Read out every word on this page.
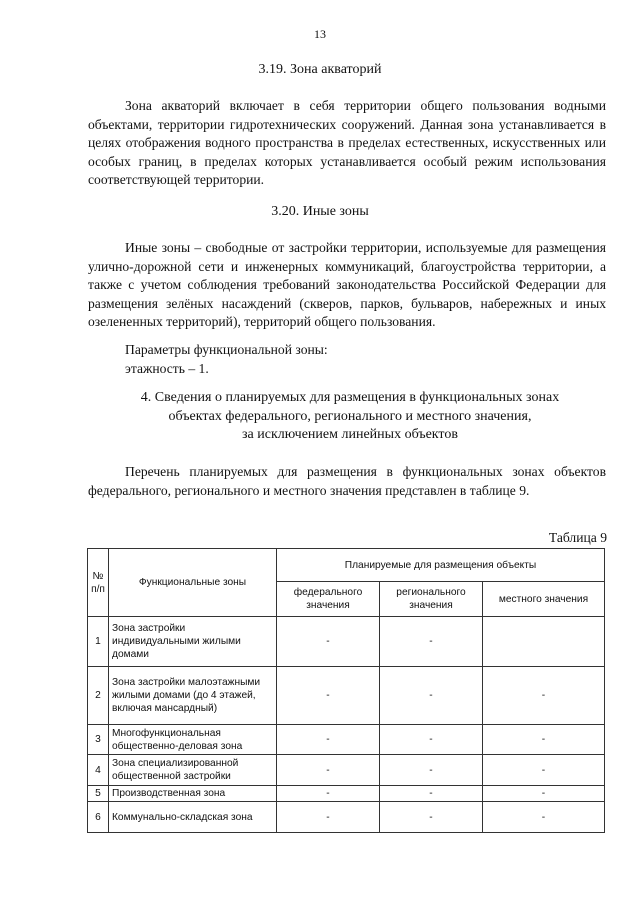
13
3.19. Зона акваторий

Зона акваторий включает в себя территории общего пользования водными объектами, территории гидротехнических сооружений. Данная зона устанавливается в целях отображения водного пространства в пределах естественных, искусственных или особых границ, в пределах которых устанавливается особый режим использования соответствующей территории.

3.20. Иные зоны

Иные зоны – свободные от застройки территории, используемые для размещения улично-дорожной сети и инженерных коммуникаций, благоустройства территории, а также с учетом соблюдения требований законодательства Российской Федерации для размещения зелёных насаждений (скверов, парков, бульваров, набережных и иных озелененных территорий), территорий общего пользования.

Параметры функциональной зоны:

этажность – 1.

4. Сведения о планируемых для размещения в функциональных зонах
объектах федерального, регионального и местного значения,
за исключением линейных объектов

Перечень планируемых для размещения в функциональных зонах объектов федерального, регионального и местного значения представлен в таблице 9.

Таблица 9
№ п/п	Функциональные зоны	Планируемые для размещения объекты		
		федерального значения	регионального значения	местного значения
1	Зона застройки индивидуальными жилыми домами	-	-	
2	Зона застройки малоэтажными жилыми домами (до 4 этажей, включая мансардный)	-	-	-
3	Многофункциональная общественно-деловая зона	-	-	-
4	Зона специализированной общественной застройки	-	-	-
5	Производственная зона	-	-	-
6	Коммунально-складская зона	-	-	-
